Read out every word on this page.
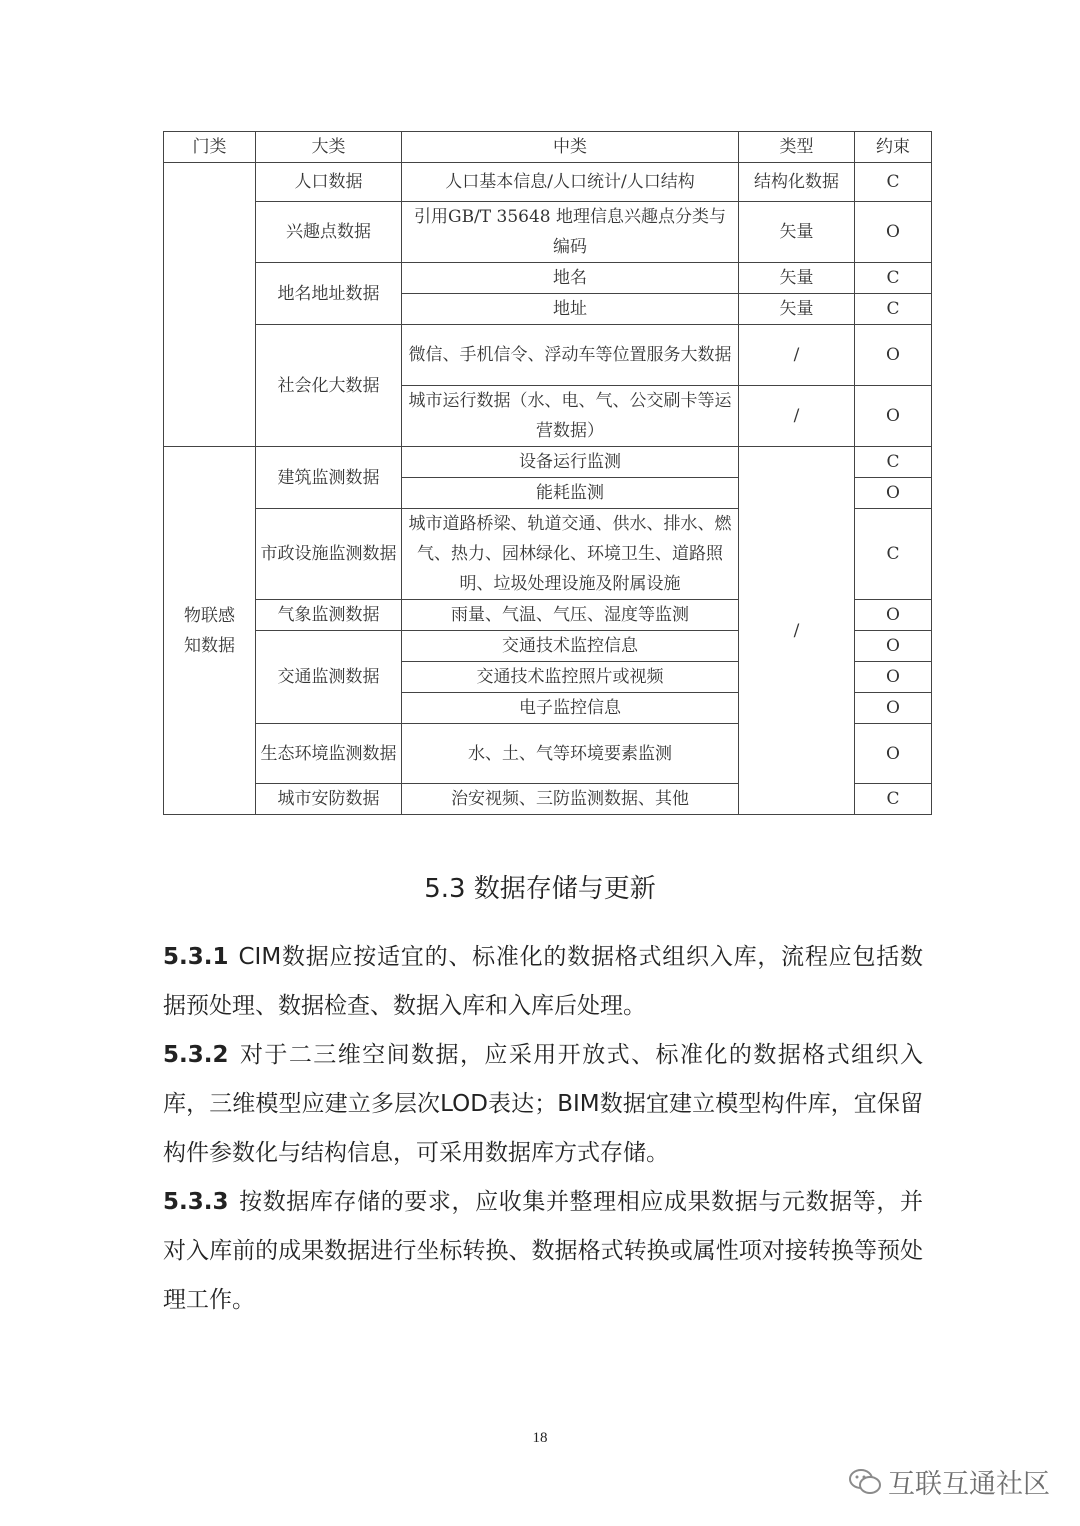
门类	大类	中类	类型	约束
	人口数据	人口基本信息/人口统计/人口结构	结构化数据	C
	兴趣点数据	引用GB/T 35648 地理信息兴趣点分类与编码	矢量	O
	地名地址数据	地名	矢量	C
		地址	矢量	C
	社会化大数据	微信、手机信令、浮动车等位置服务大数据	/	O
		城市运行数据（水、电、气、公交刷卡等运营数据）	/	O
物联感知数据	建筑监测数据	设备运行监测	/	C
		能耗监测		O
	市政设施监测数据	城市道路桥梁、轨道交通、供水、排水、燃气、热力、园林绿化、环境卫生、道路照明、垃圾处理设施及附属设施		C
	气象监测数据	雨量、气温、气压、湿度等监测		O
	交通监测数据	交通技术监控信息		O
		交通技术监控照片或视频		O
		电子监控信息		O
	生态环境监测数据	水、土、气等环境要素监测		O
	城市安防数据	治安视频、三防监测数据、其他		C
5.3 数据存储与更新
5.3.1 CIM数据应按适宜的、标准化的数据格式组织入库，流程应包括数据预处理、数据检查、数据入库和入库后处理。
5.3.2 对于二三维空间数据，应采用开放式、标准化的数据格式组织入库，三维模型应建立多层次LOD表达；BIM数据宜建立模型构件库，宜保留构件参数化与结构信息，可采用数据库方式存储。
5.3.3 按数据库存储的要求，应收集并整理相应成果数据与元数据等，并对入库前的成果数据进行坐标转换、数据格式转换或属性项对接转换等预处理工作。
18
互联互通社区
